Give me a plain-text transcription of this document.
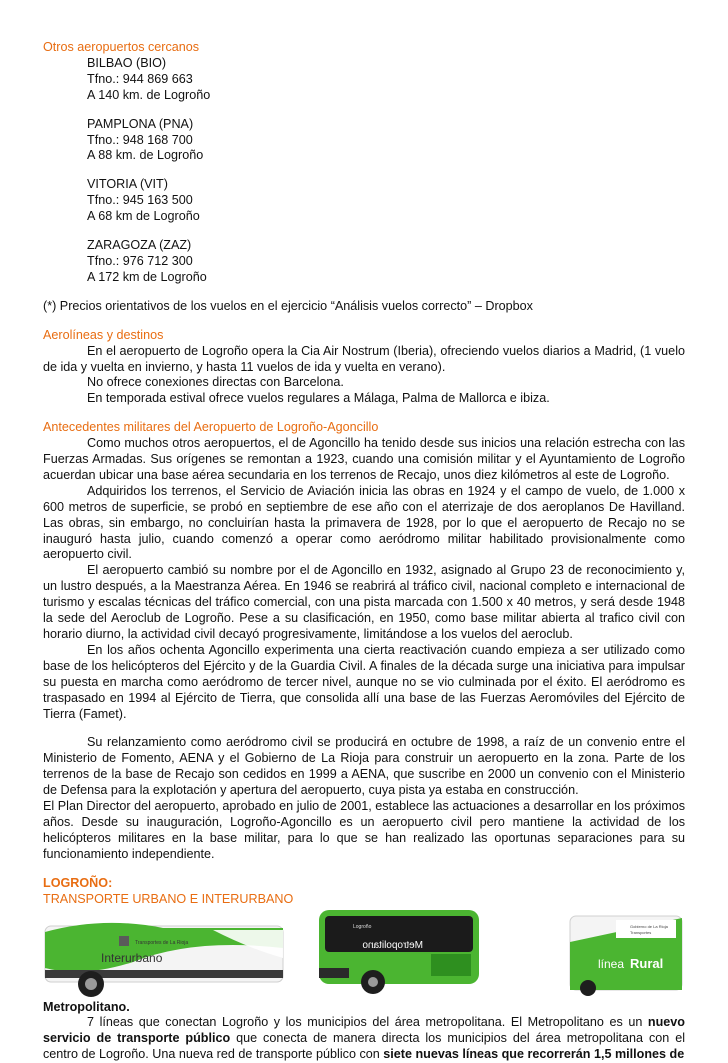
Otros aeropuertos cercanos
BILBAO (BIO)
Tfno.: 944 869 663
A 140 km. de Logroño
PAMPLONA (PNA)
Tfno.: 948 168 700
A 88 km. de Logroño
VITORIA (VIT)
Tfno.: 945 163 500
A 68 km de Logroño
ZARAGOZA (ZAZ)
Tfno.: 976 712 300
A 172 km de Logroño
(*) Precios orientativos de los vuelos en el ejercicio “Análisis vuelos correcto” – Dropbox
Aerolíneas y destinos
En el aeropuerto de Logroño opera la Cia Air Nostrum (Iberia), ofreciendo vuelos diarios a Madrid, (1 vuelo de ida y vuelta en invierno, y hasta 11 vuelos de ida y vuelta en verano).
No ofrece conexiones directas con Barcelona.
En temporada estival ofrece vuelos regulares a Málaga, Palma de Mallorca e ibiza.
Antecedentes militares del Aeropuerto de Logroño-Agoncillo
Como muchos otros aeropuertos, el de Agoncillo ha tenido desde sus inicios una relación estrecha con las Fuerzas Armadas. Sus orígenes se remontan a 1923, cuando una comisión militar y el Ayuntamiento de Logroño acuerdan ubicar una base aérea secundaria en los terrenos de Recajo, unos diez kilómetros al este de Logroño.
Adquiridos los terrenos, el Servicio de Aviación inicia las obras en 1924 y el campo de vuelo, de 1.000 x 600 metros de superficie, se probó en septiembre de ese año con el aterrizaje de dos aeroplanos De Havilland. Las obras, sin embargo, no concluirían hasta la primavera de 1928, por lo que el aeropuerto de Recajo no se inauguró hasta julio, cuando comenzó a operar como aeródromo militar habilitado provisionalmente como aeropuerto civil.
El aeropuerto cambió su nombre por el de Agoncillo en 1932, asignado al Grupo 23 de reconocimiento y, un lustro después, a la Maestranza Aérea. En 1946 se reabrirá al tráfico civil, nacional completo e internacional de turismo y escalas técnicas del tráfico comercial, con una pista marcada con 1.500 x 40 metros, y será desde 1948 la sede del Aeroclub de Logroño. Pese a su clasificación, en 1950, como base militar abierta al trafico civil con horario diurno, la actividad civil decayó progresivamente, limitándose a los vuelos del aeroclub.
En los años ochenta Agoncillo experimenta una cierta reactivación cuando empieza a ser utilizado como base de los helicópteros del Ejército y de la Guardia Civil. A finales de la década surge una iniciativa para impulsar su puesta en marcha como aeródromo de tercer nivel, aunque no se vio culminada por el éxito. El aeródromo es traspasado en 1994 al Ejército de Tierra, que consolida allí una base de las Fuerzas Aeromóviles del Ejército de Tierra (Famet).
Su relanzamiento como aeródromo civil se producirá en octubre de 1998, a raíz de un convenio entre el Ministerio de Fomento, AENA y el Gobierno de La Rioja para construir un aeropuerto en la zona. Parte de los terrenos de la base de Recajo son cedidos en 1999 a AENA, que suscribe en 2000 un convenio con el Ministerio de Defensa para la explotación y apertura del aeropuerto, cuya pista ya estaba en construcción.
El Plan Director del aeropuerto, aprobado en julio de 2001, establece las actuaciones a desarrollar en los próximos años. Desde su inauguración, Logroño-Agoncillo es un aeropuerto civil pero mantiene la actividad de los helicópteros militares en la base militar, para lo que se han realizado las oportunas separaciones para su funcionamiento independiente.
LOGROÑO:
TRANSPORTE URBANO E INTERURBANO
Transportes de La Rioja
Interurbano
Logroño
Metropolitano
Gobierno de La Rioja
Transportes
línea Rural
Metropolitano.
7 líneas que conectan Logroño y los municipios del área metropolitana. El Metropolitano es un nuevo servicio de transporte público que conecta de manera directa los municipios del área metropolitana con el centro de Logroño. Una nueva red de transporte público con siete nuevas líneas que recorrerán 1,5 millones de
